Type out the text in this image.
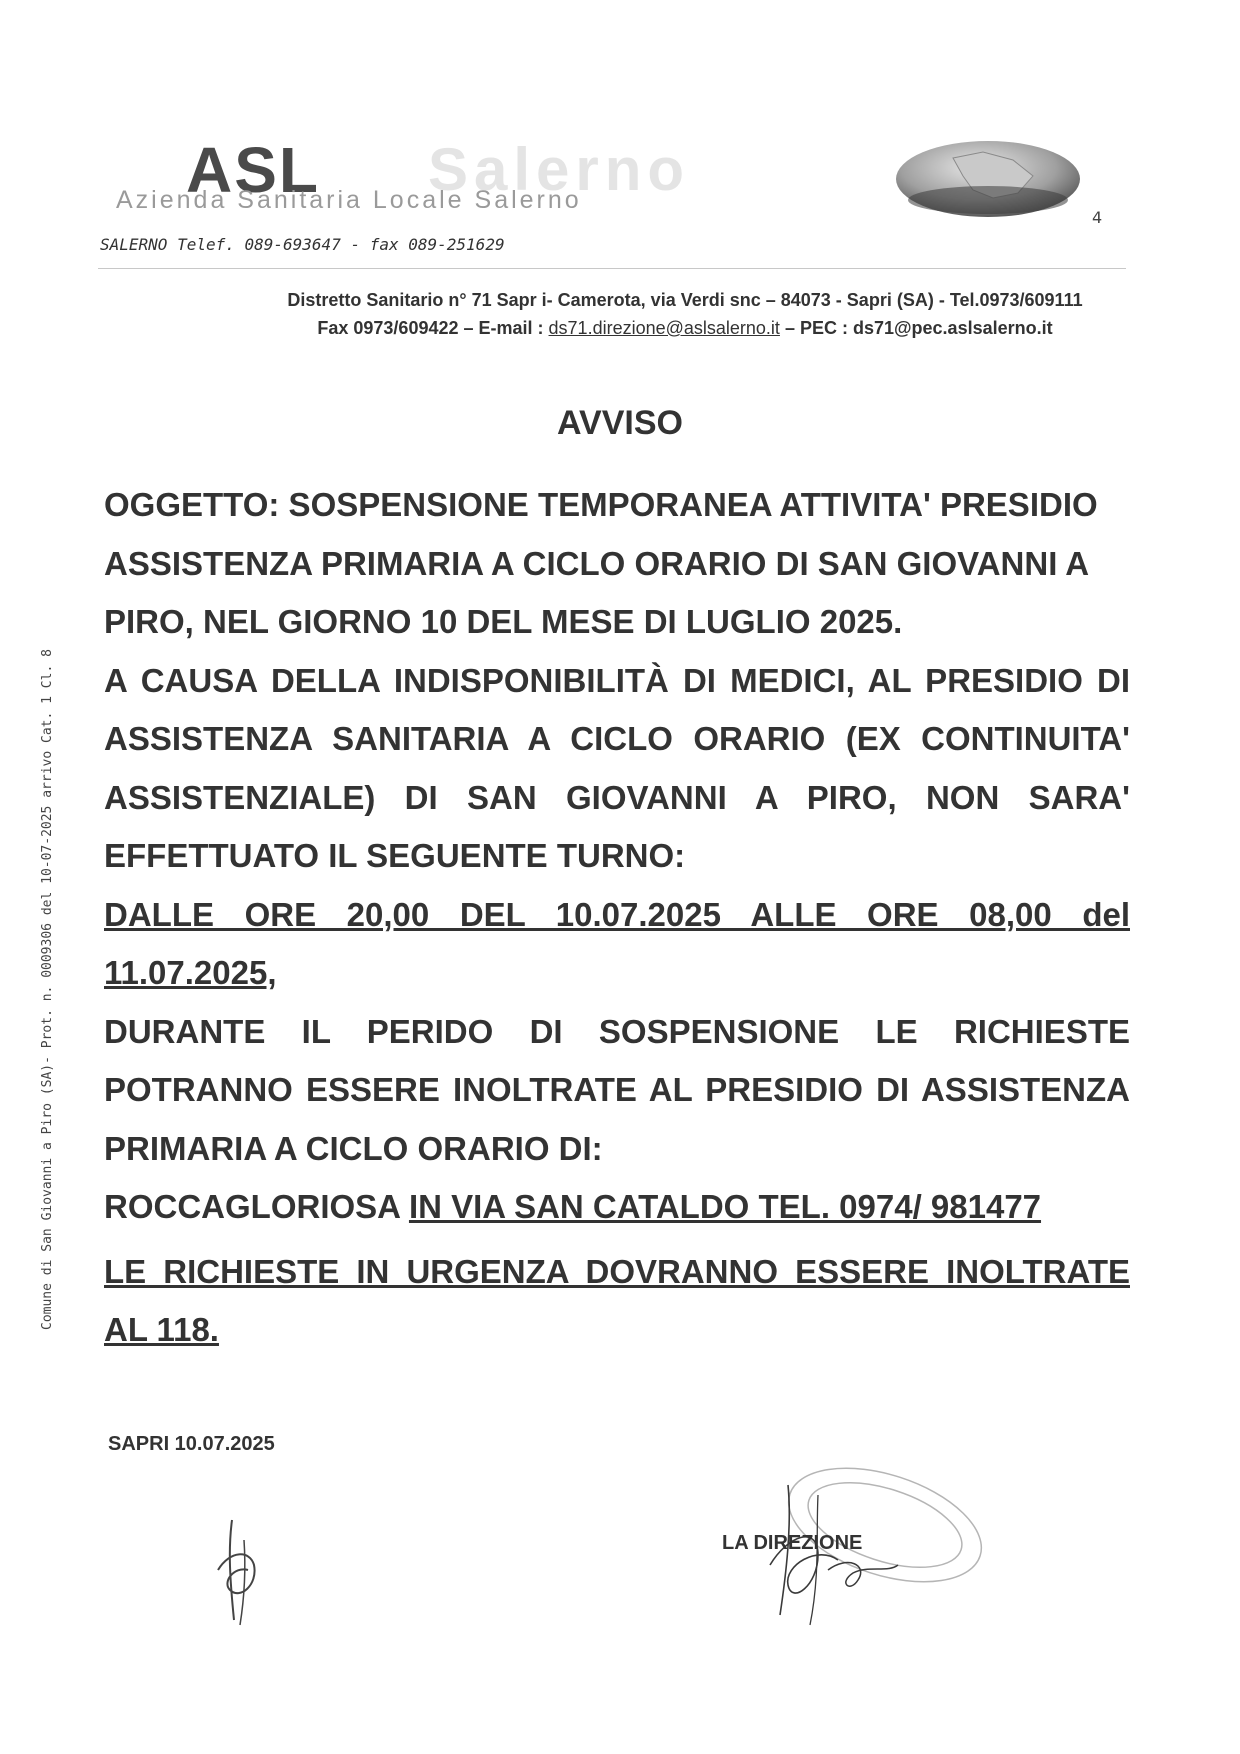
Comune di San Giovanni a Piro (SA)- Prot. n. 0009306 del 10-07-2025 arrivo Cat. 1 Cl. 8
ASL Salerno
Azienda Sanitaria Locale Salerno
4
SALERNO Telef. 089-693647 - fax 089-251629
Distretto Sanitario n° 71 Sapr i- Camerota, via Verdi snc – 84073 - Sapri (SA) - Tel.0973/609111
Fax 0973/609422 – E-mail : ds71.direzione@aslsalerno.it – PEC : ds71@pec.aslsalerno.it
AVVISO

OGGETTO: SOSPENSIONE TEMPORANEA ATTIVITA' PRESIDIO ASSISTENZA PRIMARIA A CICLO ORARIO DI SAN GIOVANNI A PIRO, NEL GIORNO 10 DEL MESE DI LUGLIO 2025.

A CAUSA DELLA INDISPONIBILITÀ DI MEDICI, AL PRESIDIO DI ASSISTENZA SANITARIA A CICLO ORARIO (EX CONTINUITA' ASSISTENZIALE) DI SAN GIOVANNI A PIRO, NON SARA' EFFETTUATO IL SEGUENTE TURNO:

DALLE ORE 20,00 DEL 10.07.2025 ALLE ORE 08,00 del 11.07.2025,

DURANTE IL PERIDO DI SOSPENSIONE LE RICHIESTE POTRANNO ESSERE INOLTRATE AL PRESIDIO DI ASSISTENZA PRIMARIA A CICLO ORARIO DI:

ROCCAGLORIOSA IN VIA SAN CATALDO TEL. 0974/ 981477

LE RICHIESTE IN URGENZA DOVRANNO ESSERE INOLTRATE AL 118.

SAPRI 10.07.2025
LA DIREZIONE
